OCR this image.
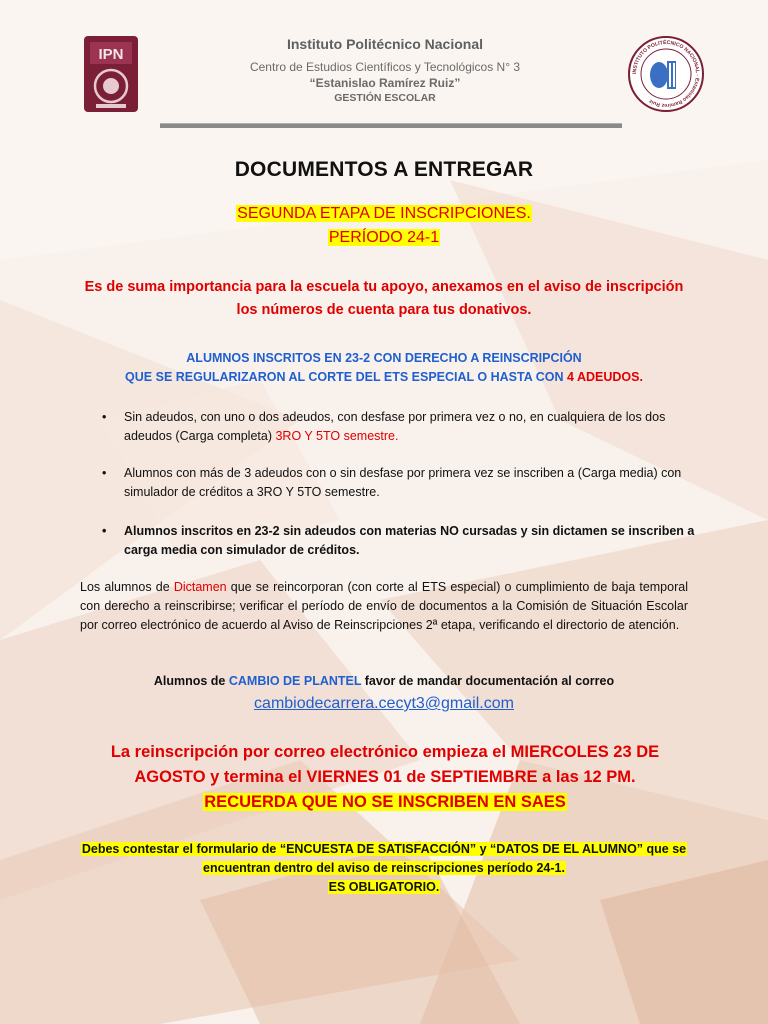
IPN
Instituto Politécnico Nacional
Centro de Estudios Científicos y Tecnológicos N° 3
“Estanislao Ramírez Ruiz”
GESTIÓN ESCOLAR
INSTITUTO POLITÉCNICO NACIONAL · Estanislao Ramírez Ruiz
DOCUMENTOS A ENTREGAR
SEGUNDA ETAPA DE INSCRIPCIONES.
PERÍODO 24-1
Es de suma importancia para la escuela tu apoyo, anexamos en el aviso de inscripción
los números de cuenta para tus donativos.
ALUMNOS INSCRITOS EN 23-2 CON DERECHO A REINSCRIPCIÓN
QUE SE REGULARIZARON AL CORTE DEL ETS ESPECIAL O HASTA CON 4 ADEUDOS.
• Sin adeudos, con uno o dos adeudos, con desfase por primera vez o no, en cualquiera de los dos adeudos (Carga completa) 3RO Y 5TO semestre.
• Alumnos con más de 3 adeudos con o sin desfase por primera vez se inscriben a (Carga media) con simulador de créditos a 3RO Y 5TO semestre.
• Alumnos inscritos en 23-2 sin adeudos con materias NO cursadas y sin dictamen se inscriben a carga media con simulador de créditos.
Los alumnos de Dictamen que se reincorporan (con corte al ETS especial) o cumplimiento de baja temporal con derecho a reinscribirse; verificar el período de envío de documentos a la Comisión de Situación Escolar por correo electrónico de acuerdo al Aviso de Reinscripciones 2ª etapa, verificando el directorio de atención.
Alumnos de CAMBIO DE PLANTEL favor de mandar documentación al correo
cambiodecarrera.cecyt3@gmail.com
La reinscripción por correo electrónico empieza el MIERCOLES 23 DE
AGOSTO y termina el VIERNES 01 de SEPTIEMBRE a las 12 PM.
RECUERDA QUE NO SE INSCRIBEN EN SAES
Debes contestar el formulario de “ENCUESTA DE SATISFACCIÓN” y “DATOS DE EL ALUMNO” que se
encuentran dentro del aviso de reinscripciones período 24-1.
ES OBLIGATORIO.
